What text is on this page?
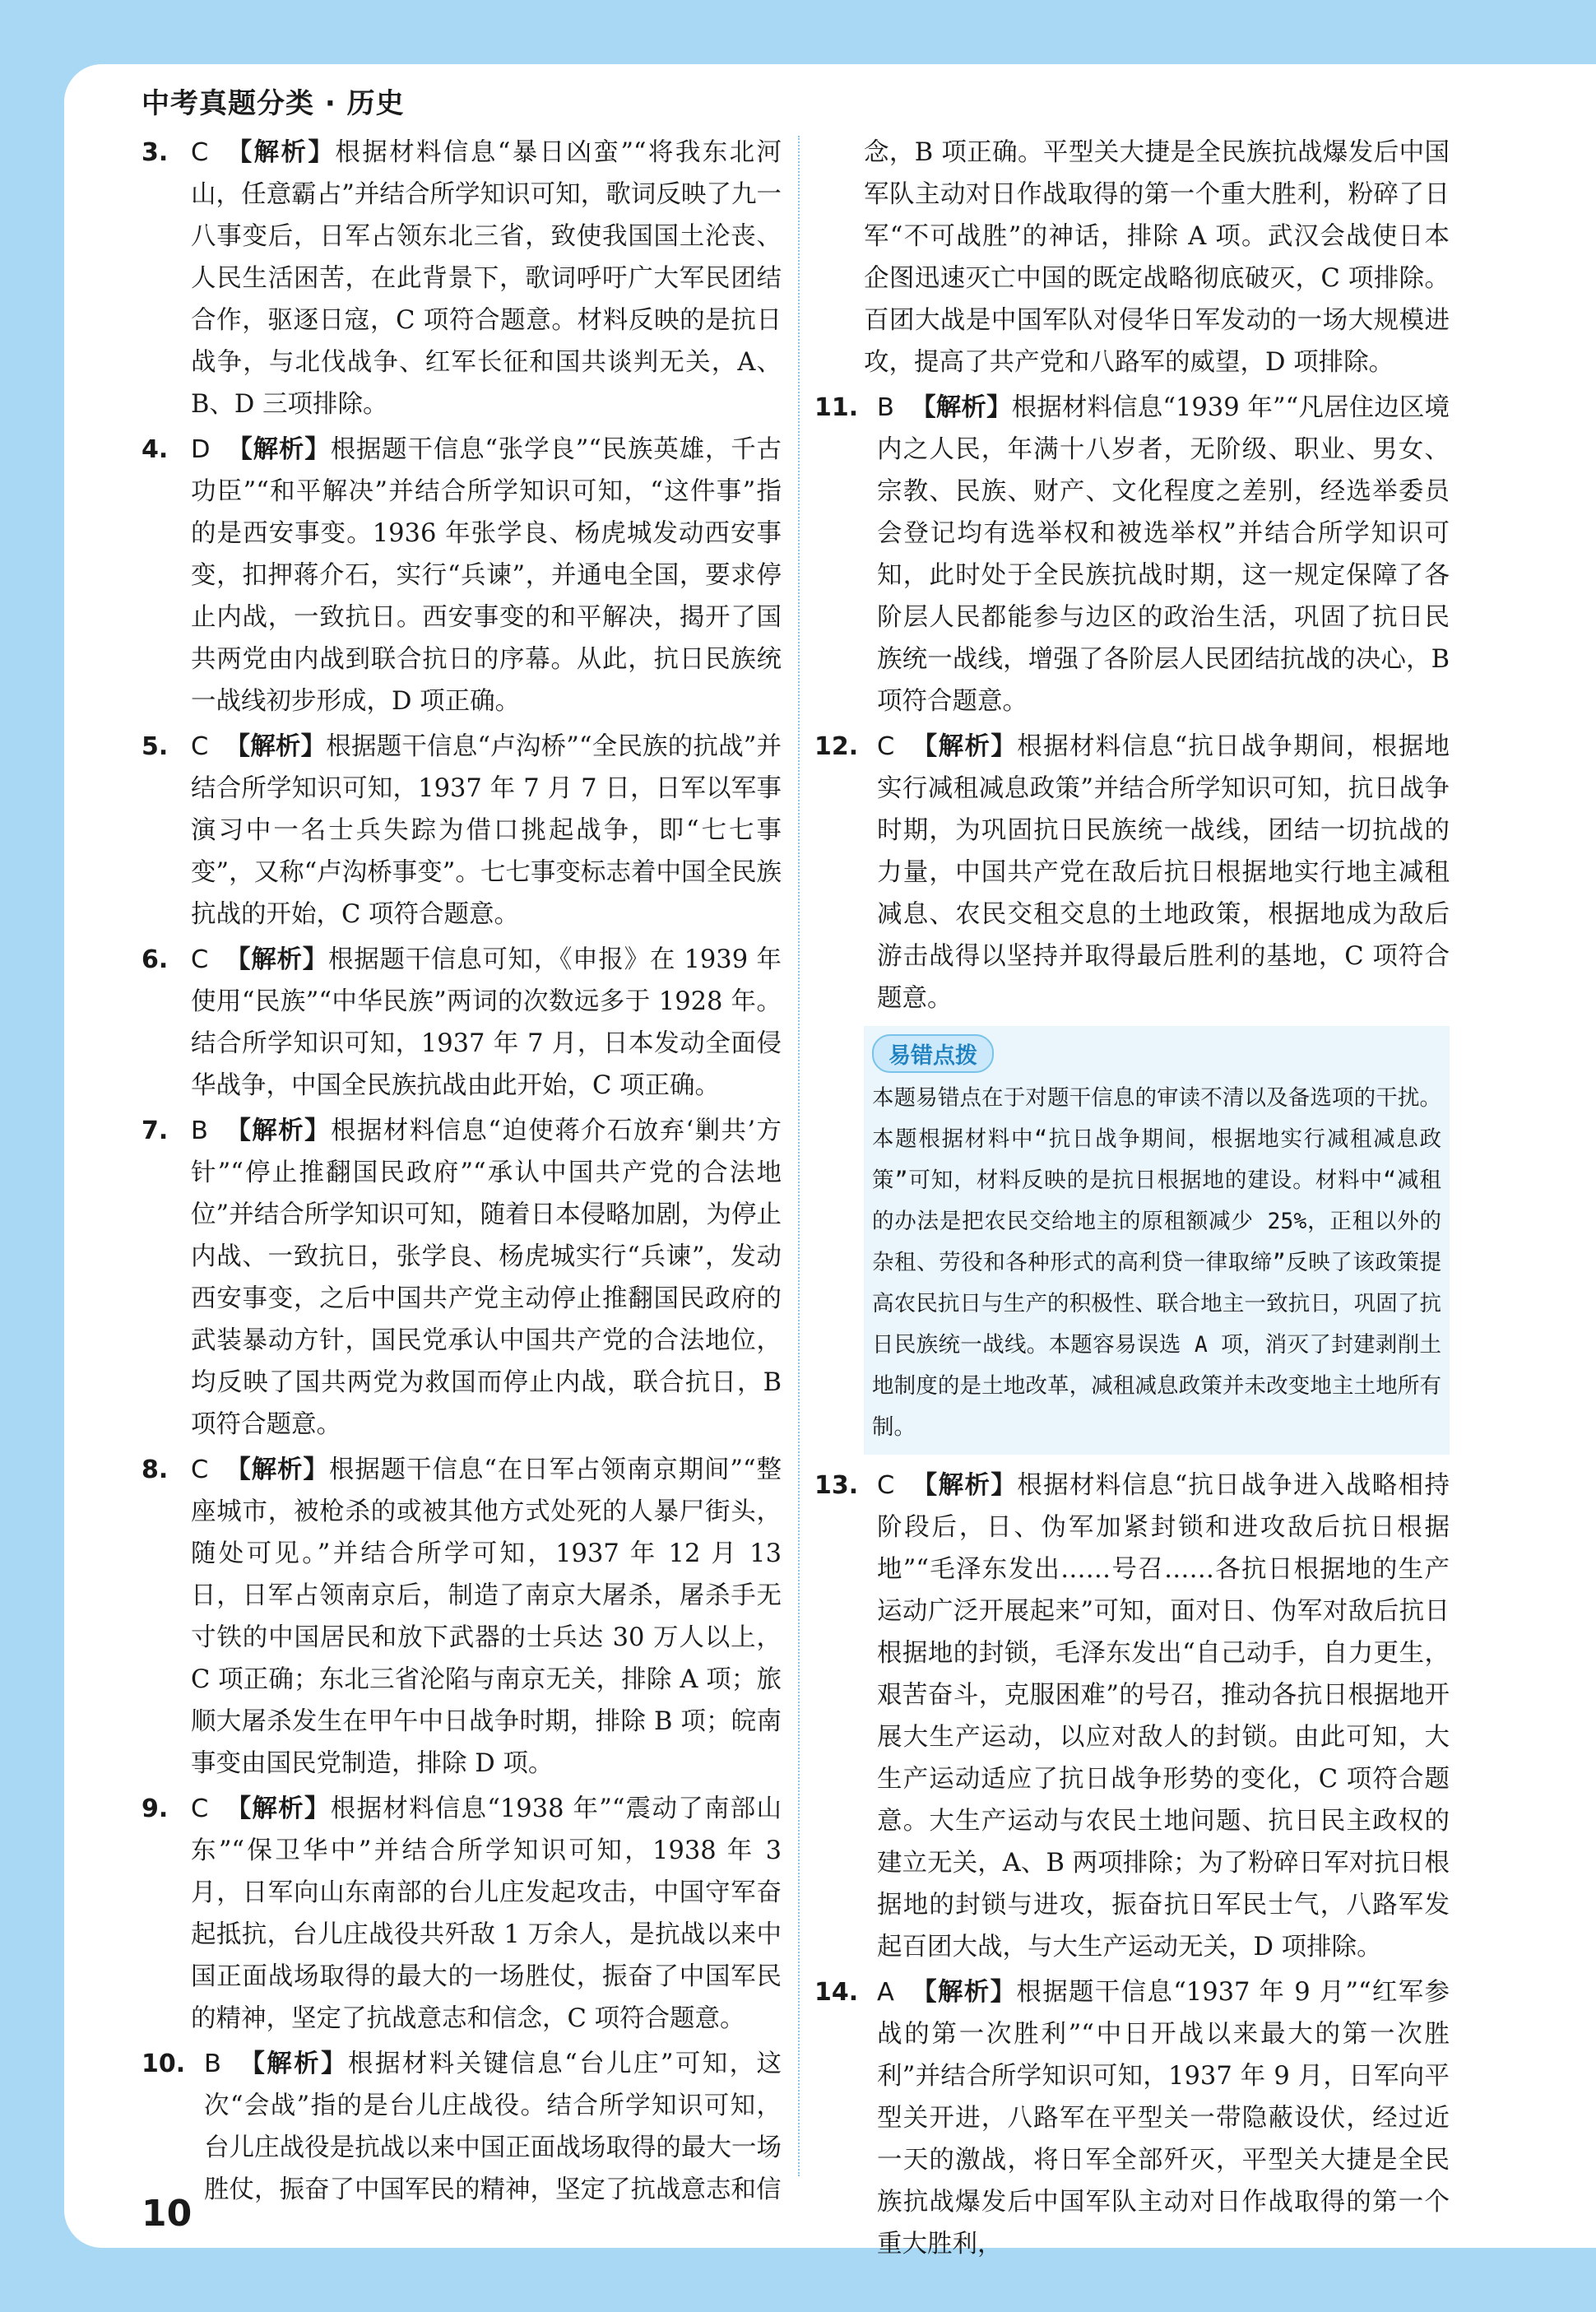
中考真题分类 · 历史
3. C 【解析】根据材料信息“暴日凶蛮”“将我东北河山，任意霸占”并结合所学知识可知，歌词反映了九一八事变后，日军占领东北三省，致使我国国土沦丧、人民生活困苦，在此背景下，歌词呼吁广大军民团结合作，驱逐日寇，C 项符合题意。材料反映的是抗日战争，与北伐战争、红军长征和国共谈判无关，A、B、D 三项排除。
4. D 【解析】根据题干信息“张学良”“民族英雄，千古功臣”“和平解决”并结合所学知识可知，“这件事”指的是西安事变。1936 年张学良、杨虎城发动西安事变，扣押蒋介石，实行“兵谏”，并通电全国，要求停止内战，一致抗日。西安事变的和平解决，揭开了国共两党由内战到联合抗日的序幕。从此，抗日民族统一战线初步形成，D 项正确。
5. C 【解析】根据题干信息“卢沟桥”“全民族的抗战”并结合所学知识可知，1937 年 7 月 7 日，日军以军事演习中一名士兵失踪为借口挑起战争，即“七七事变”，又称“卢沟桥事变”。七七事变标志着中国全民族抗战的开始，C 项符合题意。
6. C 【解析】根据题干信息可知，《申报》在 1939 年使用“民族”“中华民族”两词的次数远多于 1928 年。结合所学知识可知，1937 年 7 月，日本发动全面侵华战争，中国全民族抗战由此开始，C 项正确。
7. B 【解析】根据材料信息“迫使蒋介石放弃‘剿共’方针”“停止推翻国民政府”“承认中国共产党的合法地位”并结合所学知识可知，随着日本侵略加剧，为停止内战、一致抗日，张学良、杨虎城实行“兵谏”，发动西安事变，之后中国共产党主动停止推翻国民政府的武装暴动方针，国民党承认中国共产党的合法地位，均反映了国共两党为救国而停止内战，联合抗日，B 项符合题意。
8. C 【解析】根据题干信息“在日军占领南京期间”“整座城市，被枪杀的或被其他方式处死的人暴尸街头，随处可见。”并结合所学可知，1937 年 12 月 13 日，日军占领南京后，制造了南京大屠杀，屠杀手无寸铁的中国居民和放下武器的士兵达 30 万人以上，C 项正确；东北三省沦陷与南京无关，排除 A 项；旅顺大屠杀发生在甲午中日战争时期，排除 B 项；皖南事变由国民党制造，排除 D 项。
9. C 【解析】根据材料信息“1938 年”“震动了南部山东”“保卫华中”并结合所学知识可知，1938 年 3 月，日军向山东南部的台儿庄发起攻击，中国守军奋起抵抗，台儿庄战役共歼敌 1 万余人，是抗战以来中国正面战场取得的最大的一场胜仗，振奋了中国军民的精神，坚定了抗战意志和信念，C 项符合题意。
10. B 【解析】根据材料关键信息“台儿庄”可知，这次“会战”指的是台儿庄战役。结合所学知识可知，台儿庄战役是抗战以来中国正面战场取得的最大一场胜仗，振奋了中国军民的精神，坚定了抗战意志和信
念，B 项正确。平型关大捷是全民族抗战爆发后中国军队主动对日作战取得的第一个重大胜利，粉碎了日军“不可战胜”的神话，排除 A 项。武汉会战使日本企图迅速灭亡中国的既定战略彻底破灭，C 项排除。百团大战是中国军队对侵华日军发动的一场大规模进攻，提高了共产党和八路军的威望，D 项排除。
11. B 【解析】根据材料信息“1939 年”“凡居住边区境内之人民，年满十八岁者，无阶级、职业、男女、宗教、民族、财产、文化程度之差别，经选举委员会登记均有选举权和被选举权”并结合所学知识可知，此时处于全民族抗战时期，这一规定保障了各阶层人民都能参与边区的政治生活，巩固了抗日民族统一战线，增强了各阶层人民团结抗战的决心，B 项符合题意。
12. C 【解析】根据材料信息“抗日战争期间，根据地实行减租减息政策”并结合所学知识可知，抗日战争时期，为巩固抗日民族统一战线，团结一切抗战的力量，中国共产党在敌后抗日根据地实行地主减租减息、农民交租交息的土地政策，根据地成为敌后游击战得以坚持并取得最后胜利的基地，C 项符合题意。
易错点拨
本题易错点在于对题干信息的审读不清以及备选项的干扰。本题根据材料中“抗日战争期间，根据地实行减租减息政策”可知，材料反映的是抗日根据地的建设。材料中“减租的办法是把农民交给地主的原租额减少 25%，正租以外的杂租、劳役和各种形式的高利贷一律取缔”反映了该政策提高农民抗日与生产的积极性、联合地主一致抗日，巩固了抗日民族统一战线。本题容易误选 A 项，消灭了封建剥削土地制度的是土地改革，减租减息政策并未改变地主土地所有制。
13. C 【解析】根据材料信息“抗日战争进入战略相持阶段后，日、伪军加紧封锁和进攻敌后抗日根据地”“毛泽东发出……号召……各抗日根据地的生产运动广泛开展起来”可知，面对日、伪军对敌后抗日根据地的封锁，毛泽东发出“自己动手，自力更生，艰苦奋斗，克服困难”的号召，推动各抗日根据地开展大生产运动，以应对敌人的封锁。由此可知，大生产运动适应了抗日战争形势的变化，C 项符合题意。大生产运动与农民土地问题、抗日民主政权的建立无关，A、B 两项排除；为了粉碎日军对抗日根据地的封锁与进攻，振奋抗日军民士气，八路军发起百团大战，与大生产运动无关，D 项排除。
14. A 【解析】根据题干信息“1937 年 9 月”“红军参战的第一次胜利”“中日开战以来最大的第一次胜利”并结合所学知识可知，1937 年 9 月，日军向平型关开进，八路军在平型关一带隐蔽设伏，经过近一天的激战，将日军全部歼灭，平型关大捷是全民族抗战爆发后中国军队主动对日作战取得的第一个重大胜利，
10
